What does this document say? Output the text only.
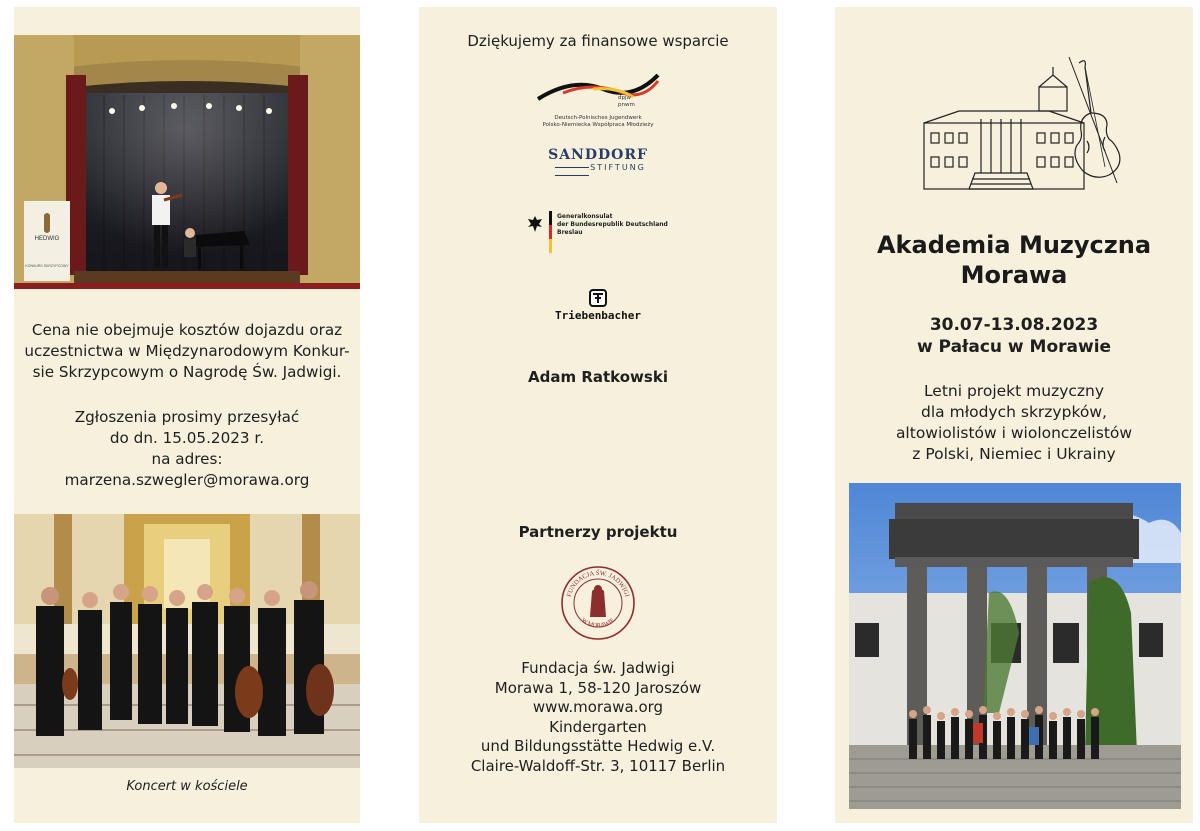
HEDWIG
KONKURS SKRZYPCOWY
Cena nie obejmuje kosztów dojazdu oraz
uczestnictwa w Międzynarodowym Konkur-
sie Skrzypcowym o Nagrodę Św. Jadwigi.
Zgłoszenia prosimy przesyłać
do dn. 15.05.2023 r.
na adres:
marzena.szwegler@morawa.org
Koncert w kościele
Dziękujemy za finansowe wsparcie
dpjw
pnwm
Deutsch-Polnisches Jugendwerk
Polsko-Niemiecka Współpraca Młodzieży
SANDDORF
STIFTUNG
Generalkonsulat
der Bundesrepublik Deutschland
Breslau
Triebenbacher
Adam Ratkowski
Partnerzy projektu
FUNDACJA ŚW. JADWIGI
W MORAWIE
Fundacja św. Jadwigi
Morawa 1, 58-120 Jaroszów
www.morawa.org
Kindergarten
und Bildungsstätte Hedwig e.V.
Claire-Waldoff-Str. 3, 10117 Berlin
Akademia Muzyczna
Morawa
30.07-13.08.2023
w Pałacu w Morawie
Letni projekt muzyczny
dla młodych skrzypków,
altowiolistów i wiolonczelistów
z Polski, Niemiec i Ukrainy
